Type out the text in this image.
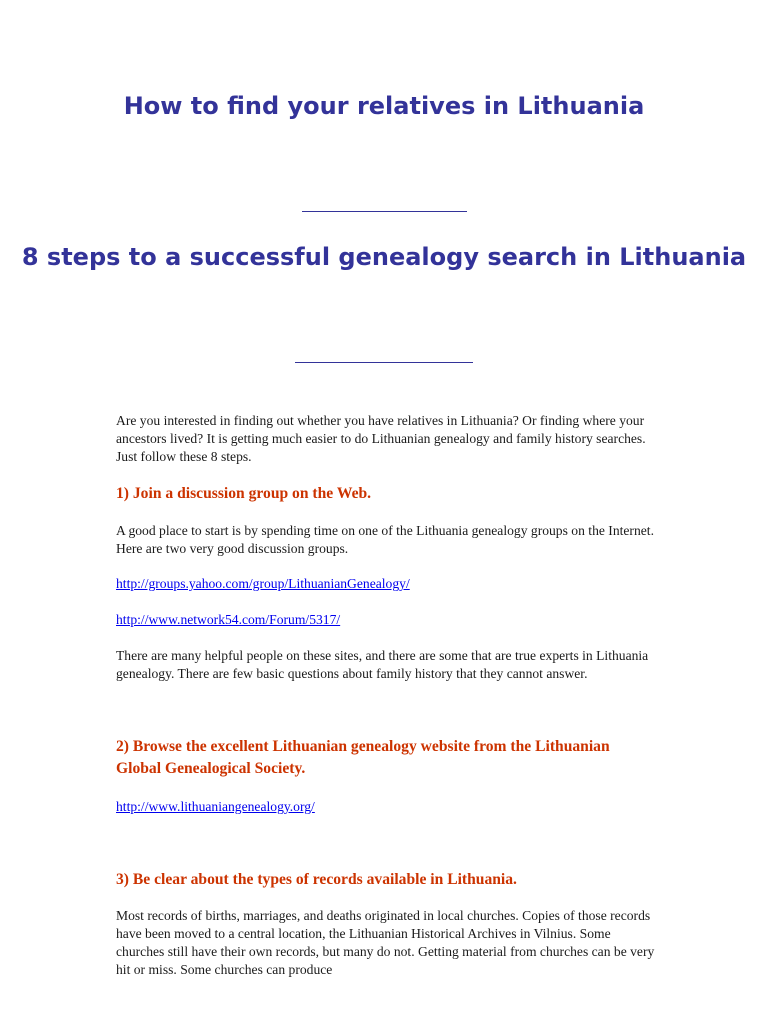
How to find your relatives in Lithuania
8 steps to a successful genealogy search in Lithuania

Are you interested in finding out whether you have relatives in Lithuania? Or finding where your ancestors lived? It is getting much easier to do Lithuanian genealogy and family history searches. Just follow these 8 steps.

1) Join a discussion group on the Web.

A good place to start is by spending time on one of the Lithuania genealogy groups on the Internet. Here are two very good discussion groups.

http://groups.yahoo.com/group/LithuanianGenealogy/
http://www.network54.com/Forum/5317/

There are many helpful people on these sites, and there are some that are true experts in Lithuania genealogy. There are few basic questions about family history that they cannot answer.

2) Browse the excellent Lithuanian genealogy website from the Lithuanian Global Genealogical Society.
http://www.lithuaniangenealogy.org/
3) Be clear about the types of records available in Lithuania.

Most records of births, marriages, and deaths originated in local churches. Copies of those records have been moved to a central location, the Lithuanian Historical Archives in Vilnius. Some churches still have their own records, but many do not. Getting material from churches can be very hit or miss. Some churches can produce
